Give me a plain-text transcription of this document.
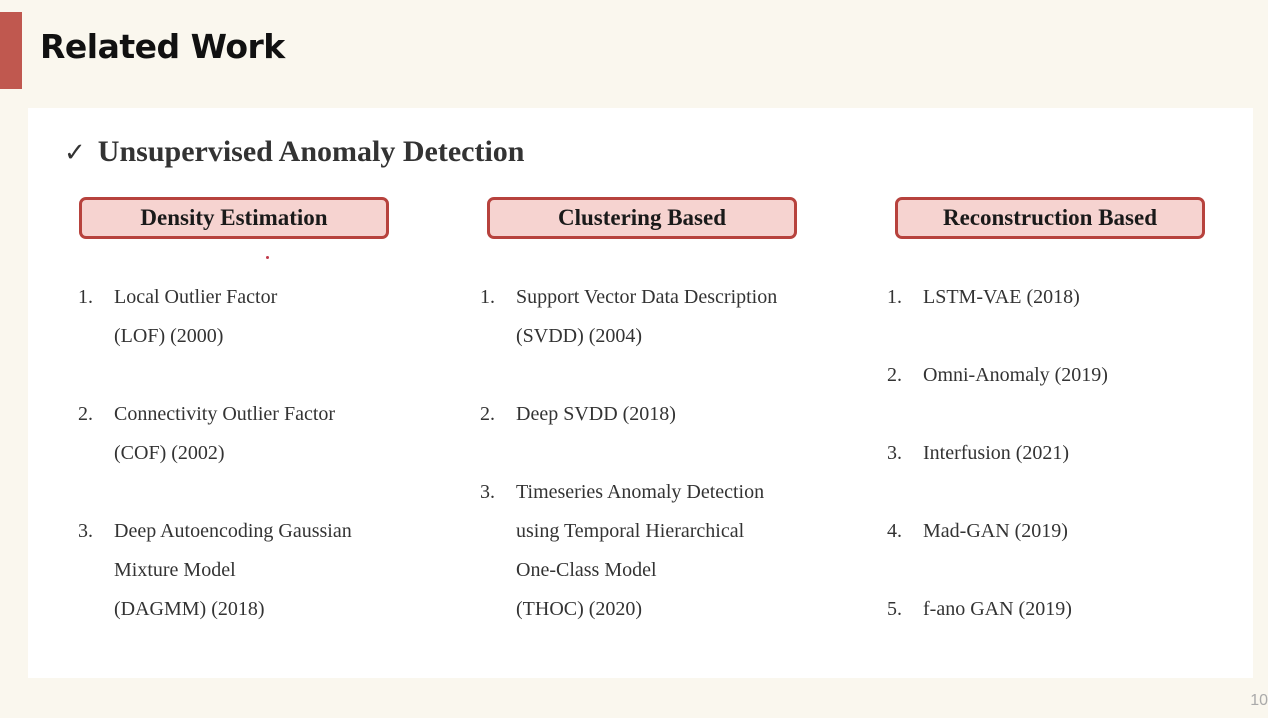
Related Work
✓ Unsupervised Anomaly Detection
Density Estimation	Clustering Based	Reconstruction Based
1. Local Outlier Factor
(LOF) (2000)
2. Connectivity Outlier Factor
(COF) (2002)
3. Deep Autoencoding Gaussian
Mixture Model
(DAGMM) (2018)
1. Support Vector Data Description
(SVDD) (2004)
2. Deep SVDD (2018)
3. Timeseries Anomaly Detection
using Temporal Hierarchical
One-Class Model
(THOC) (2020)
1. LSTM-VAE (2018)
2. Omni-Anomaly (2019)
3. Interfusion (2021)
4. Mad-GAN (2019)
5. f-ano GAN (2019)
10
